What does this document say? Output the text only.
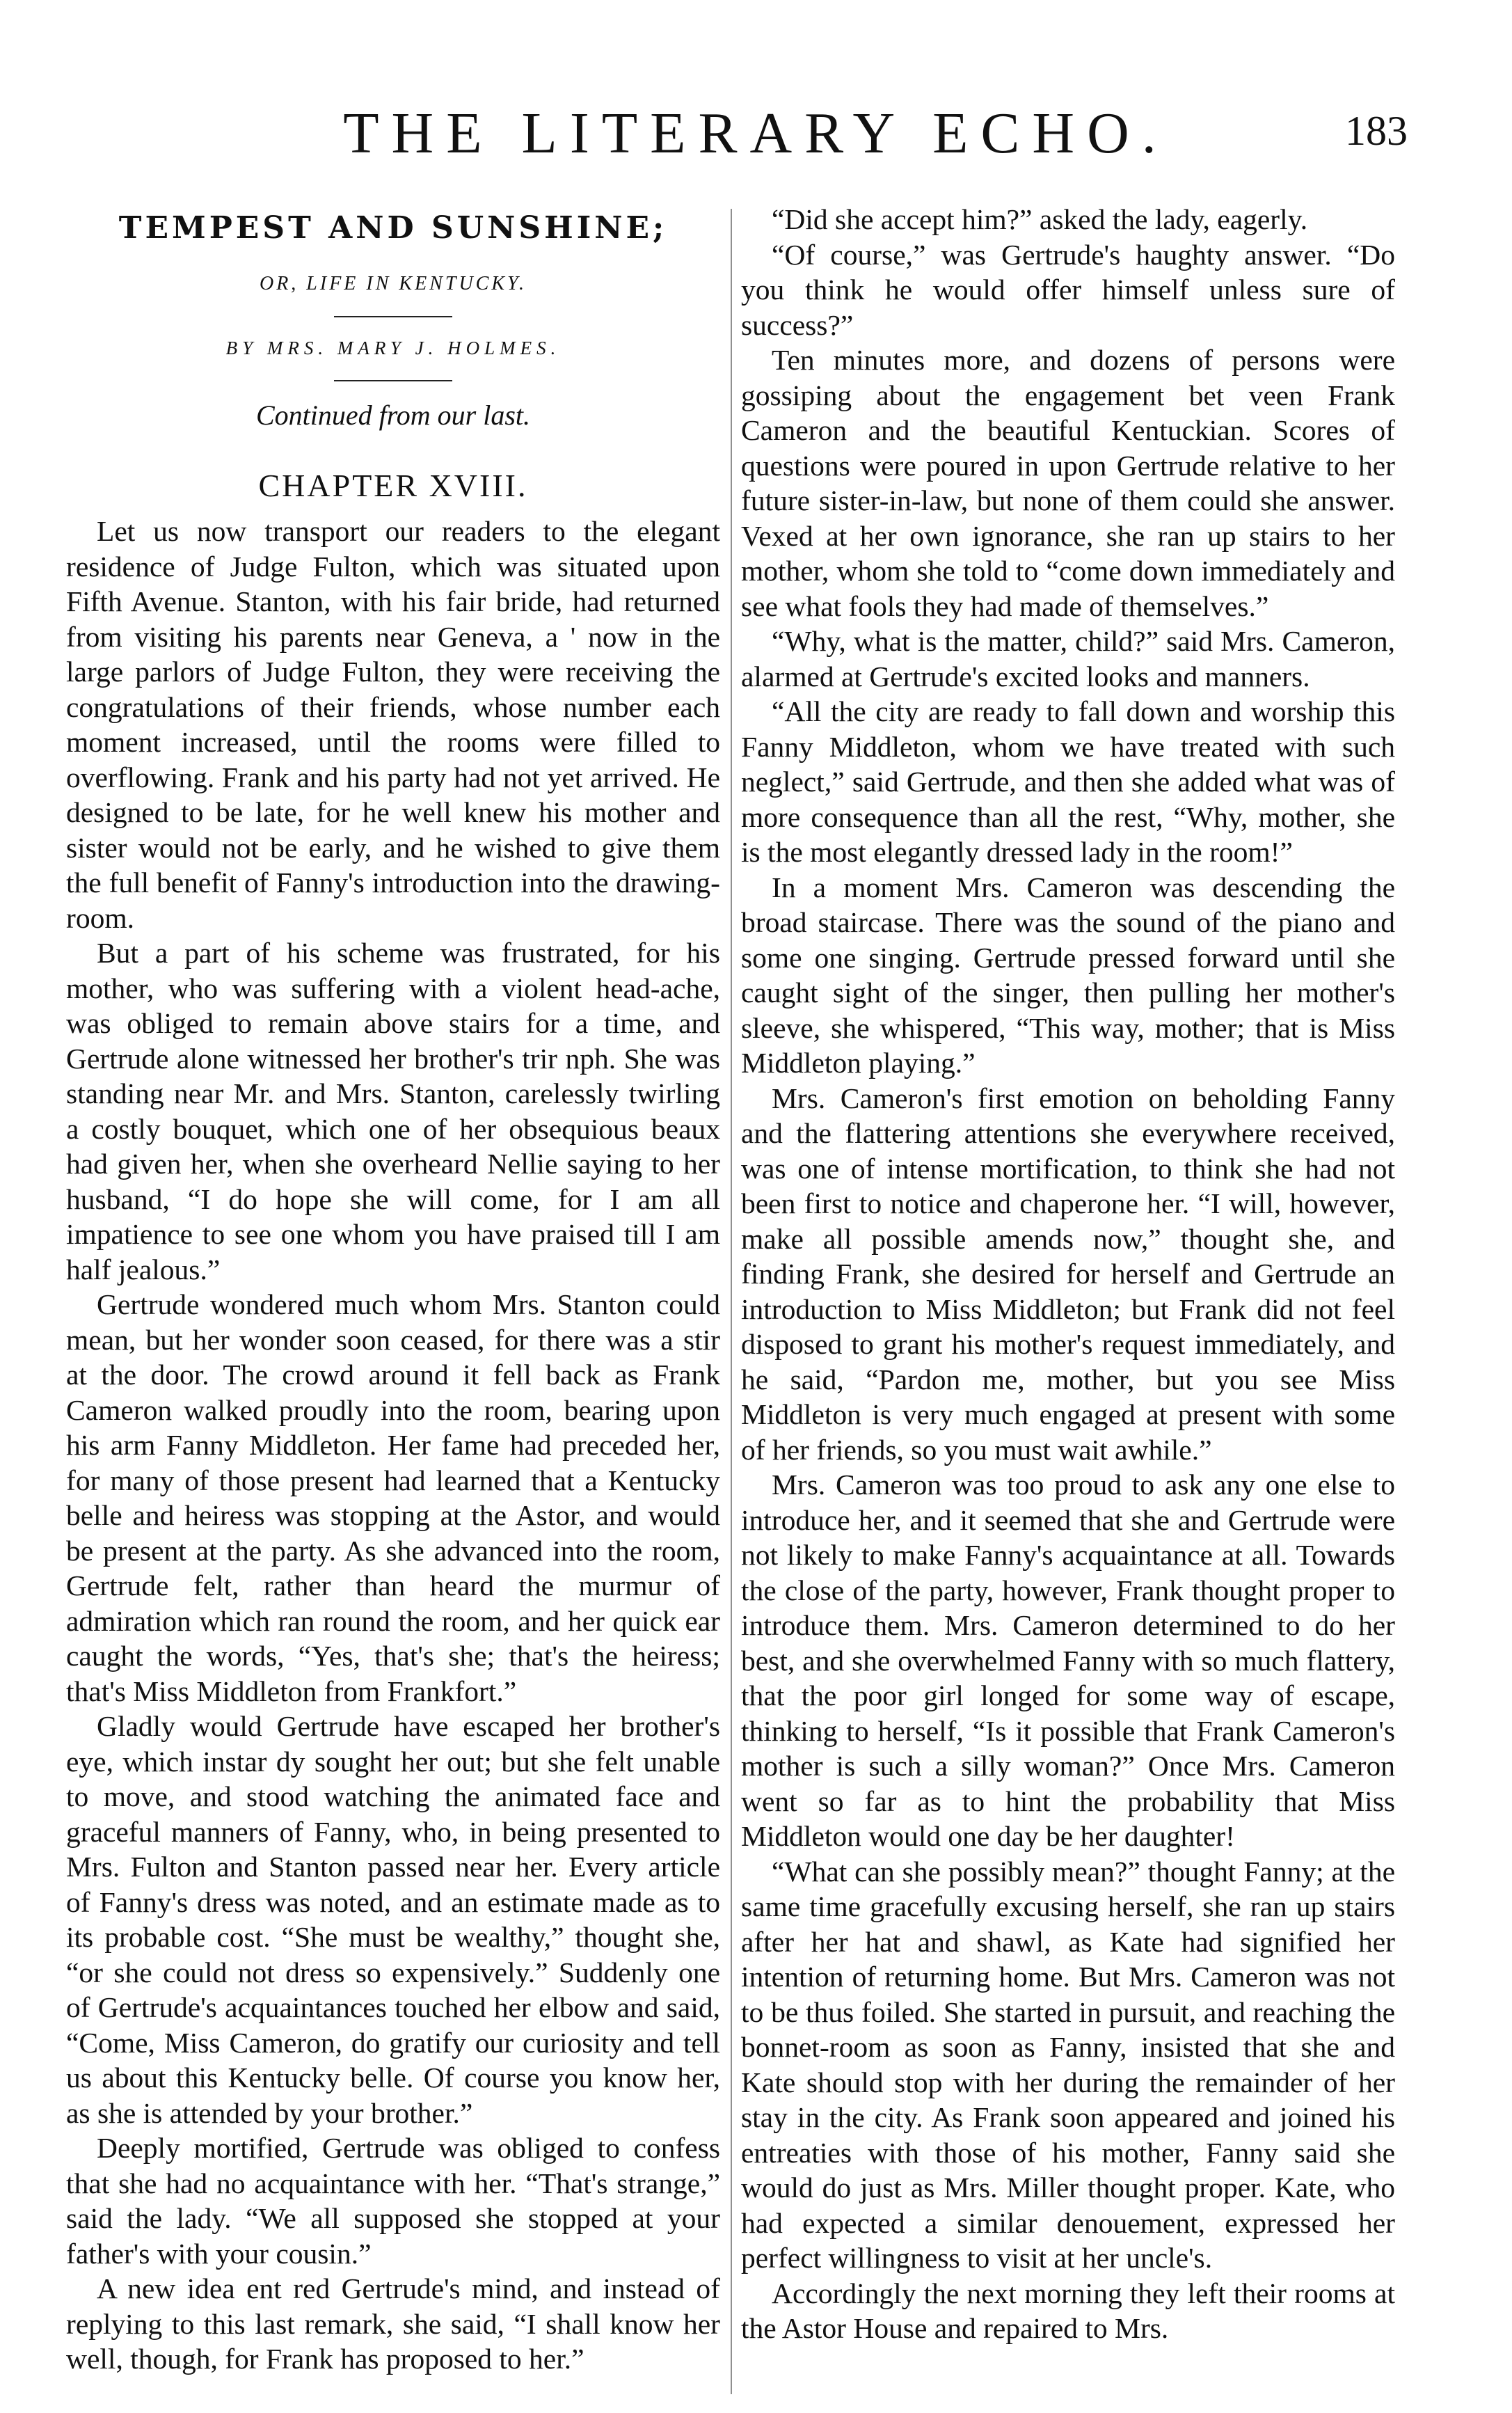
THE LITERARY ECHO.	183
TEMPEST AND SUNSHINE;
OR, LIFE IN KENTUCKY.
BY MRS. MARY J. HOLMES.
Continued from our last.
CHAPTER XVIII.

Let us now transport our readers to the elegant residence of Judge Fulton, which was situated upon Fifth Avenue. Stanton, with his fair bride, had returned from visiting his parents near Geneva, a ' now in the large parlors of Judge Fulton, they were receiving the congratulations of their friends, whose number each moment increased, until the rooms were filled to overflowing. Frank and his party had not yet arrived. He designed to be late, for he well knew his mother and sister would not be early, and he wished to give them the full benefit of Fanny's introduction into the drawing-room.

But a part of his scheme was frustrated, for his mother, who was suffering with a violent head-ache, was obliged to remain above stairs for a time, and Gertrude alone witnessed her brother's trir nph. She was standing near Mr. and Mrs. Stanton, carelessly twirling a costly bouquet, which one of her obsequious beaux had given her, when she overheard Nellie saying to her husband, “I do hope she will come, for I am all impatience to see one whom you have praised till I am half jealous.”

Gertrude wondered much whom Mrs. Stanton could mean, but her wonder soon ceased, for there was a stir at the door. The crowd around it fell back as Frank Cameron walked proudly into the room, bearing upon his arm Fanny Middleton. Her fame had preceded her, for many of those present had learned that a Kentucky belle and heiress was stopping at the Astor, and would be present at the party. As she advanced into the room, Gertrude felt, rather than heard the murmur of admiration which ran round the room, and her quick ear caught the words, “Yes, that's she; that's the heiress; that's Miss Middleton from Frankfort.”

Gladly would Gertrude have escaped her brother's eye, which instar dy sought her out; but she felt unable to move, and stood watching the animated face and graceful manners of Fanny, who, in being presented to Mrs. Fulton and Stanton passed near her. Every article of Fanny's dress was noted, and an estimate made as to its probable cost. “She must be wealthy,” thought she, “or she could not dress so expensively.” Suddenly one of Gertrude's acquaintances touched her elbow and said, “Come, Miss Cameron, do gratify our curiosity and tell us about this Kentucky belle. Of course you know her, as she is attended by your brother.”

Deeply mortified, Gertrude was obliged to confess that she had no acquaintance with her. “That's strange,” said the lady. “We all supposed she stopped at your father's with your cousin.”

A new idea ent red Gertrude's mind, and instead of replying to this last remark, she said, “I shall know her well, though, for Frank has proposed to her.”

“Did she accept him?” asked the lady, eagerly.

“Of course,” was Gertrude's haughty answer. “Do you think he would offer himself unless sure of success?”

Ten minutes more, and dozens of persons were gossiping about the engagement bet veen Frank Cameron and the beautiful Kentuckian. Scores of questions were poured in upon Gertrude relative to her future sister-in-law, but none of them could she answer. Vexed at her own ignorance, she ran up stairs to her mother, whom she told to “come down immediately and see what fools they had made of themselves.”

“Why, what is the matter, child?” said Mrs. Cameron, alarmed at Gertrude's excited looks and manners.

“All the city are ready to fall down and worship this Fanny Middleton, whom we have treated with such neglect,” said Gertrude, and then she added what was of more consequence than all the rest, “Why, mother, she is the most elegantly dressed lady in the room!”

In a moment Mrs. Cameron was descending the broad staircase. There was the sound of the piano and some one singing. Gertrude pressed forward until she caught sight of the singer, then pulling her mother's sleeve, she whispered, “This way, mother; that is Miss Middleton playing.”

Mrs. Cameron's first emotion on beholding Fanny and the flattering attentions she everywhere received, was one of intense mortification, to think she had not been first to notice and chaperone her. “I will, however, make all possible amends now,” thought she, and finding Frank, she desired for herself and Gertrude an introduction to Miss Middleton; but Frank did not feel disposed to grant his mother's request immediately, and he said, “Pardon me, mother, but you see Miss Middleton is very much engaged at present with some of her friends, so you must wait awhile.”

Mrs. Cameron was too proud to ask any one else to introduce her, and it seemed that she and Gertrude were not likely to make Fanny's acquaintance at all. Towards the close of the party, however, Frank thought proper to introduce them. Mrs. Cameron determined to do her best, and she overwhelmed Fanny with so much flattery, that the poor girl longed for some way of escape, thinking to herself, “Is it possible that Frank Cameron's mother is such a silly woman?” Once Mrs. Cameron went so far as to hint the probability that Miss Middleton would one day be her daughter!

“What can she possibly mean?” thought Fanny; at the same time gracefully excusing herself, she ran up stairs after her hat and shawl, as Kate had signified her intention of returning home. But Mrs. Cameron was not to be thus foiled. She started in pursuit, and reaching the bonnet-room as soon as Fanny, insisted that she and Kate should stop with her during the remainder of her stay in the city. As Frank soon appeared and joined his entreaties with those of his mother, Fanny said she would do just as Mrs. Miller thought proper. Kate, who had expected a similar denouement, expressed her perfect willingness to visit at her uncle's.

Accordingly the next morning they left their rooms at the Astor House and repaired to Mrs.
